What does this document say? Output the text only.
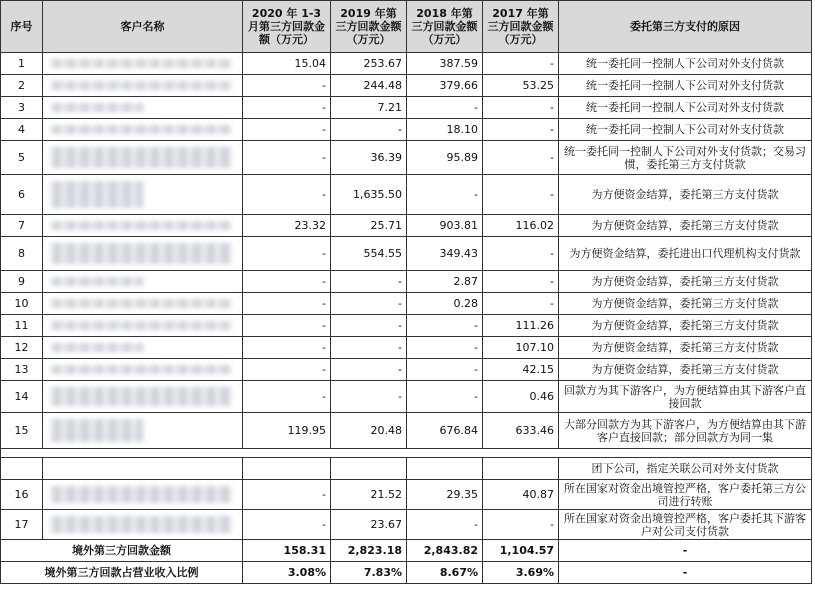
序号	客户名称	2020 年 1-3 月第三方回款金额（万元）	2019 年第三方回款金额（万元）	2018 年第三方回款金额（万元）	2017 年第三方回款金额（万元）	委托第三方支付的原因
1		15.04	253.67	387.59	-	统一委托同一控制人下公司对外支付货款
2		-	244.48	379.66	53.25	统一委托同一控制人下公司对外支付货款
3		-	7.21	-	-	统一委托同一控制人下公司对外支付货款
4		-	-	18.10	-	统一委托同一控制人下公司对外支付货款
5		-	36.39	95.89	-	统一委托同一控制人下公司对外支付货款；交易习惯，委托第三方支付货款
6		-	1,635.50	-	-	为方便资金结算，委托第三方支付货款
7		23.32	25.71	903.81	116.02	为方便资金结算，委托第三方支付货款
8		-	554.55	349.43	-	为方便资金结算，委托进出口代理机构支付货款
9		-	-	2.87	-	为方便资金结算，委托第三方支付货款
10		-	-	0.28	-	为方便资金结算，委托第三方支付货款
11		-	-	-	111.26	为方便资金结算，委托第三方支付货款
12		-	-	-	107.10	为方便资金结算，委托第三方支付货款
13		-	-	-	42.15	为方便资金结算，委托第三方支付货款
14		-	-	-	0.46	回款方为其下游客户，为方便结算由其下游客户直接回款
15		119.95	20.48	676.84	633.46	大部分回款方为其下游客户，为方便结算由其下游客户直接回款；部分回款方为同一集

						团下公司，指定关联公司对外支付货款
16		-	21.52	29.35	40.87	所在国家对资金出境管控严格，客户委托第三方公司进行转账
17		-	23.67	-	-	所在国家对资金出境管控严格，客户委托其下游客户对公司支付货款
境外第三方回款金额		158.31	2,823.18	2,843.82	1,104.57	-
境外第三方回款占营业收入比例		3.08%	7.83%	8.67%	3.69%	-
